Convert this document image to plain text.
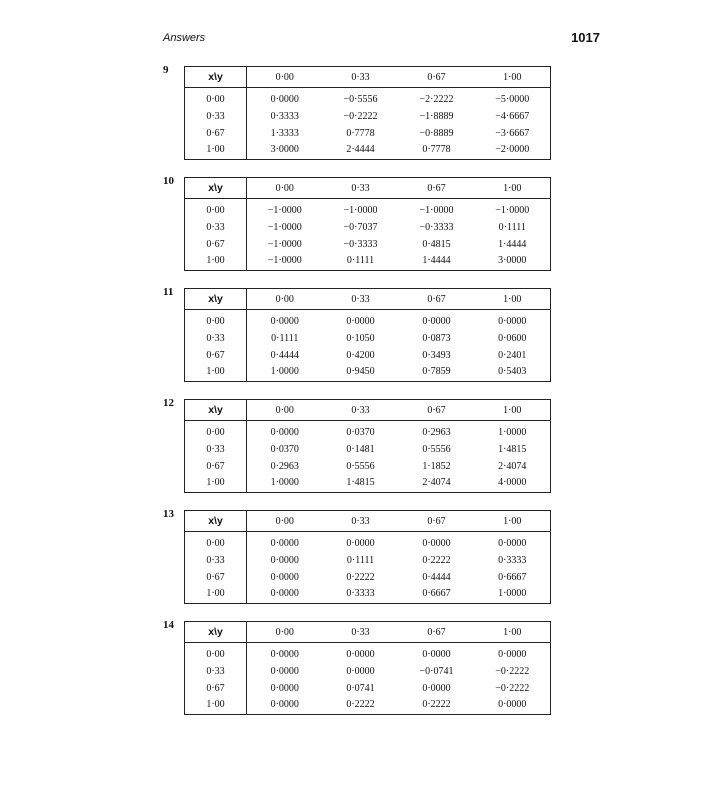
Answers	1017
9
x\y	0·00	0·33	0·67	1·00
0·00	0·0000	−0·5556	−2·2222	−5·0000
0·33	0·3333	−0·2222	−1·8889	−4·6667
0·67	1·3333	0·7778	−0·8889	−3·6667
1·00	3·0000	2·4444	0·7778	−2·0000
10
x\y	0·00	0·33	0·67	1·00
0·00	−1·0000	−1·0000	−1·0000	−1·0000
0·33	−1·0000	−0·7037	−0·3333	0·1111
0·67	−1·0000	−0·3333	0·4815	1·4444
1·00	−1·0000	0·1111	1·4444	3·0000
11
x\y	0·00	0·33	0·67	1·00
0·00	0·0000	0·0000	0·0000	0·0000
0·33	0·1111	0·1050	0·0873	0·0600
0·67	0·4444	0·4200	0·3493	0·2401
1·00	1·0000	0·9450	0·7859	0·5403
12
x\y	0·00	0·33	0·67	1·00
0·00	0·0000	0·0370	0·2963	1·0000
0·33	0·0370	0·1481	0·5556	1·4815
0·67	0·2963	0·5556	1·1852	2·4074
1·00	1·0000	1·4815	2·4074	4·0000
13
x\y	0·00	0·33	0·67	1·00
0·00	0·0000	0·0000	0·0000	0·0000
0·33	0·0000	0·1111	0·2222	0·3333
0·67	0·0000	0·2222	0·4444	0·6667
1·00	0·0000	0·3333	0·6667	1·0000
14
x\y	0·00	0·33	0·67	1·00
0·00	0·0000	0·0000	0·0000	0·0000
0·33	0·0000	0·0000	−0·0741	−0·2222
0·67	0·0000	0·0741	0·0000	−0·2222
1·00	0·0000	0·2222	0·2222	0·0000
